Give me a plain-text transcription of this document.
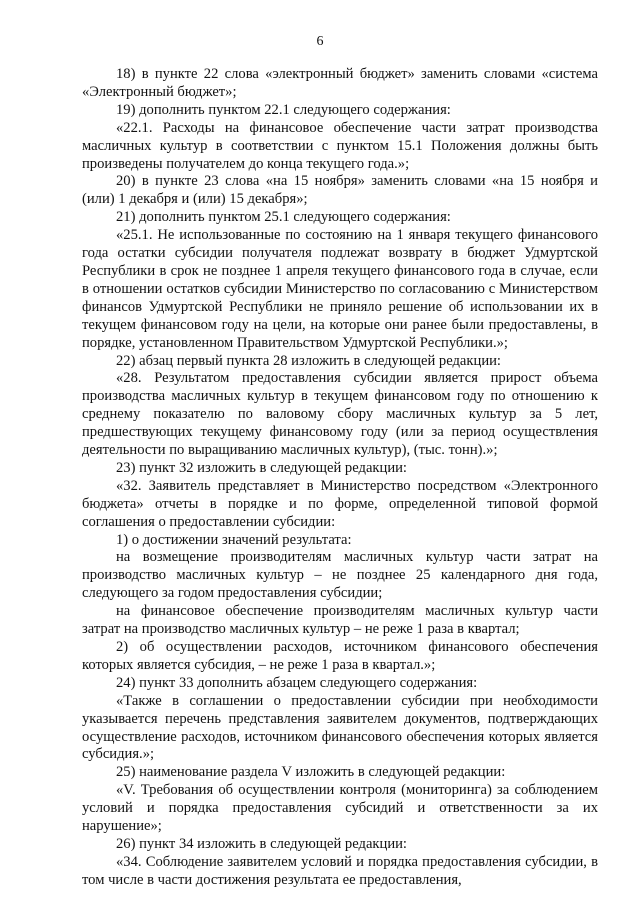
6

18) в пункте 22 слова «электронный бюджет» заменить словами «система «Электронный бюджет»;

19) дополнить пунктом 22.1 следующего содержания:

«22.1. Расходы на финансовое обеспечение части затрат производства масличных культур в соответствии с пунктом 15.1 Положения должны быть произведены получателем до конца текущего года.»;

20) в пункте 23 слова «на 15 ноября» заменить словами «на 15 ноября и (или) 1 декабря и (или) 15 декабря»;

21) дополнить пунктом 25.1 следующего содержания:

«25.1. Не использованные по состоянию на 1 января текущего финансового года остатки субсидии получателя подлежат возврату в бюджет Удмуртской Республики в срок не позднее 1 апреля текущего финансового года в случае, если в отношении остатков субсидии Министерство по согласованию с Министерством финансов Удмуртской Республики не приняло решение об использовании их в текущем финансовом году на цели, на которые они ранее были предоставлены, в порядке, установленном Правительством Удмуртской Республики.»;

22) абзац первый пункта 28 изложить в следующей редакции:

«28. Результатом предоставления субсидии является прирост объема производства масличных культур в текущем финансовом году по отношению к среднему показателю по валовому сбору масличных культур за 5 лет, предшествующих текущему финансовому году (или за период осуществления деятельности по выращиванию масличных культур), (тыс. тонн).»;

23) пункт 32 изложить в следующей редакции:

«32. Заявитель представляет в Министерство посредством «Электронного бюджета» отчеты в порядке и по форме, определенной типовой формой соглашения о предоставлении субсидии:

1) о достижении значений результата:

на возмещение производителям масличных культур части затрат на производство масличных культур – не позднее 25 календарного дня года, следующего за годом предоставления субсидии;

на финансовое обеспечение производителям масличных культур части затрат на производство масличных культур – не реже 1 раза в квартал;

2) об осуществлении расходов, источником финансового обеспечения которых является субсидия, – не реже 1 раза в квартал.»;

24) пункт 33 дополнить абзацем следующего содержания:

«Также в соглашении о предоставлении субсидии при необходимости указывается перечень представления заявителем документов, подтверждающих осуществление расходов, источником финансового обеспечения которых является субсидия.»;

25) наименование раздела V изложить в следующей редакции:

«V. Требования об осуществлении контроля (мониторинга) за соблюдением условий и порядка предоставления субсидий и ответственности за их нарушение»;

26) пункт 34 изложить в следующей редакции:

«34. Соблюдение заявителем условий и порядка предоставления субсидии, в том числе в части достижения результата ее предоставления,
